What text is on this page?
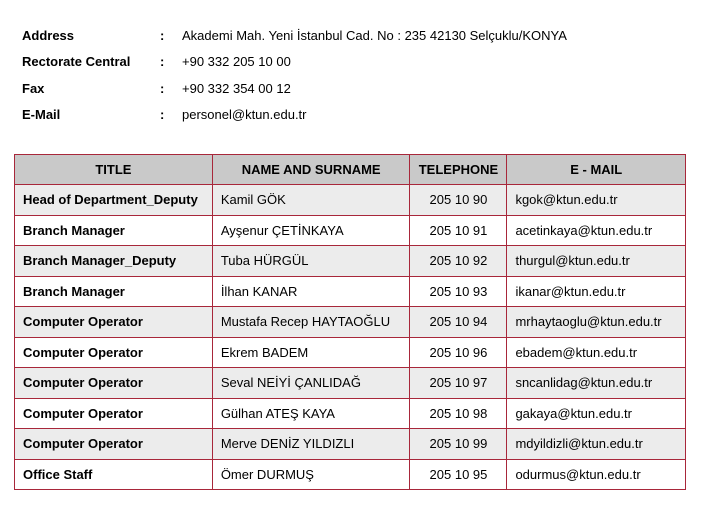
Address	:	Akademi Mah. Yeni İstanbul Cad. No : 235 42130 Selçuklu/KONYA
Rectorate Central	:	+90 332 205 10 00
Fax	:	+90 332 354 00 12
E-Mail	:	personel@ktun.edu.tr
TITLE	NAME AND SURNAME	TELEPHONE	E - MAIL
Head of Department_Deputy	Kamil GÖK	205 10 90	kgok@ktun.edu.tr
Branch Manager	Ayşenur ÇETİNKAYA	205 10 91	acetinkaya@ktun.edu.tr
Branch Manager_Deputy	Tuba HÜRGÜL	205 10 92	thurgul@ktun.edu.tr
Branch Manager	İlhan KANAR	205 10 93	ikanar@ktun.edu.tr
Computer Operator	Mustafa Recep HAYTAOĞLU	205 10 94	mrhaytaoglu@ktun.edu.tr
Computer Operator	Ekrem BADEM	205 10 96	ebadem@ktun.edu.tr
Computer Operator	Seval NEİYİ ÇANLIDAĞ	205 10 97	sncanlidag@ktun.edu.tr
Computer Operator	Gülhan ATEŞ KAYA	205 10 98	gakaya@ktun.edu.tr
Computer Operator	Merve DENİZ YILDIZLI	205 10 99	mdyildizli@ktun.edu.tr
Office Staff	Ömer DURMUŞ	205 10 95	odurmus@ktun.edu.tr
